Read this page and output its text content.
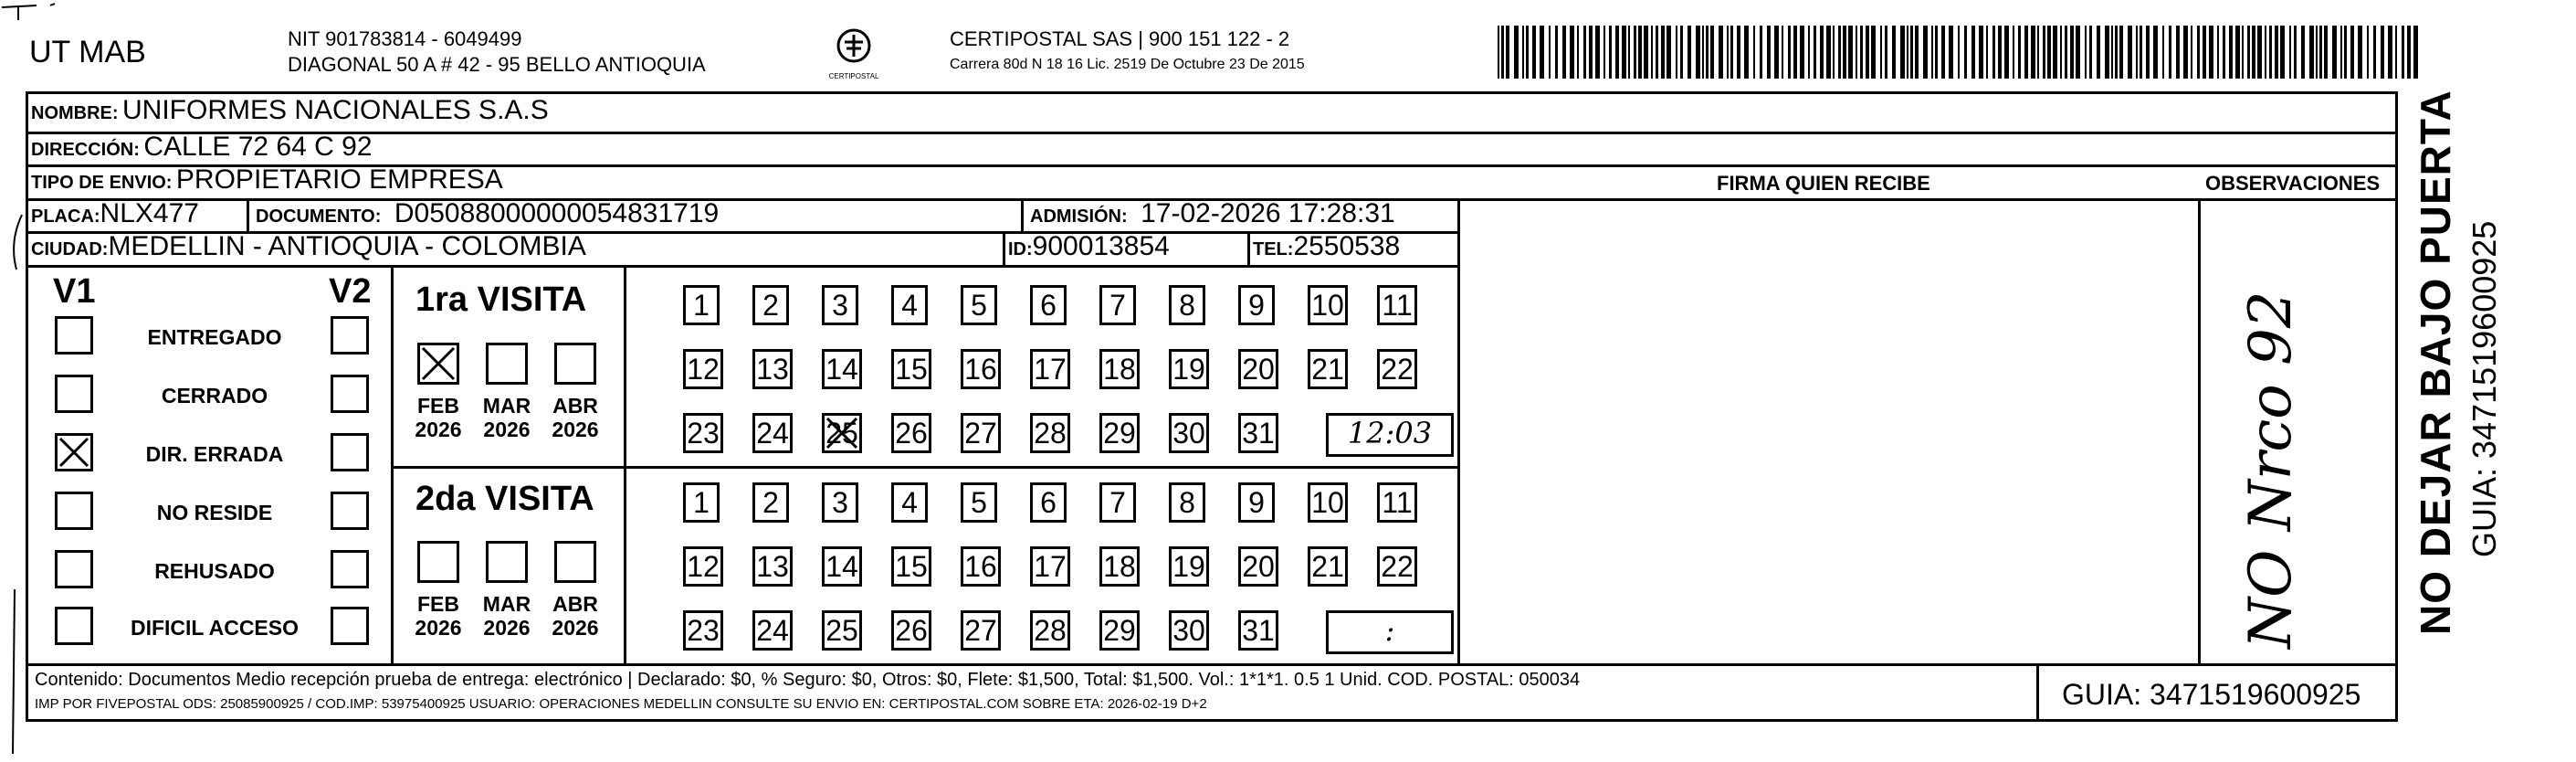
UT MAB	NIT 901783814 - 6049499
DIAGONAL 50 A # 42 - 95 BELLO ANTIOQUIA
CERTIPOSTAL
CERTIPOSTAL SAS | 900 151 122 - 2
Carrera 80d N 18 16 Lic. 2519 De Octubre 23 De 2015
NOMBRE: UNIFORMES NACIONALES S.A.S
DIRECCIÓN: CALLE 72 64 C 92
TIPO DE ENVIO: PROPIETARIO EMPRESA	FIRMA QUIEN RECIBE	OBSERVACIONES
PLACA:NLX477	DOCUMENTO: D05088000000054831719	ADMISIÓN: 17-02-2026 17:28:31
CIUDAD:MEDELLIN - ANTIOQUIA - COLOMBIA	ID:900013854	TEL:2550538
V1	V2 1ra VISITA
2da VISITA	NO Nrco 92
Contenido: Documentos Medio recepción prueba de entrega: electrónico | Declarado: $0, % Seguro: $0, Otros: $0, Flete: $1,500, Total: $1,500. Vol.: 1*1*1. 0.5 1 Unid. COD. POSTAL: 050034
IMP POR FIVEPOSTAL ODS: 25085900925 / COD.IMP: 53975400925 USUARIO: OPERACIONES MEDELLIN CONSULTE SU ENVIO EN: CERTIPOSTAL.COM SOBRE ETA: 2026-02-19 D+2	GUIA: 3471519600925
NO DEJAR BAJO PUERTA GUIA: 3471519600925
ENTREGADO
CERRADO
DIR. ERRADA
NO RESIDE
REHUSADO
DIFICIL ACCESO
FEB 2026
MAR 2026
ABR 2026
FEB 2026
MAR 2026
ABR 2026
1	2	3	4	5	6	7	8	9	10 11
12 13 14 15 16 17 18 19 20 21 22
23 24 25 26 27 28 29 30 31	12:03
1	2	3	4	5	6	7	8	9	10 11
12 13 14 15 16 17 18 19 20 21 22
23 24 25 26 27 28 29 30 31	:
